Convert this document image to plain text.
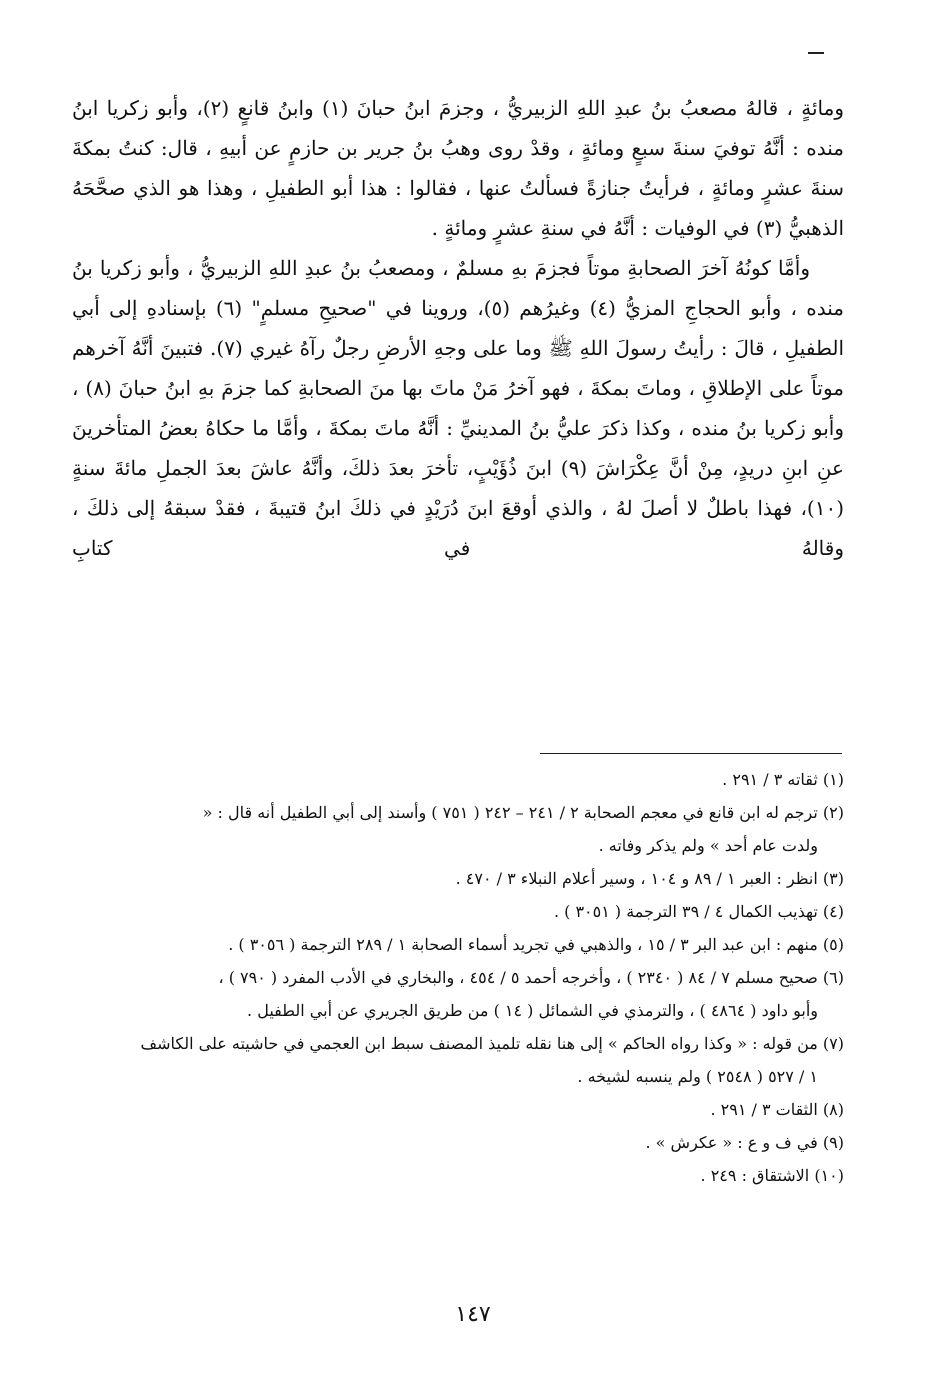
ومائةٍ ، قالهُ مصعبُ بنُ عبدِ اللهِ الزبيريُّ ، وجزمَ ابنُ حبانَ (١) وابنُ قانعٍ (٢)، وأبو زكريا ابنُ منده : أنَّهُ توفيَ سنةَ سبعٍ ومائةٍ ، وقدْ روى وهبُ بنُ جرير بن حازمٍ عن أبيهِ ، قال: كنتُ بمكةَ سنةَ عشرٍ ومائةٍ ، فرأيتُ جنازةً فسألتُ عنها ، فقالوا : هذا أبو الطفيلِ ، وهذا هو الذي صحَّحَهُ الذهبيُّ (٣) في الوفيات : أنَّهُ في سنةِ عشرٍ ومائةٍ .

وأمَّا كونُهُ آخرَ الصحابةِ موتاً فجزمَ بهِ مسلمٌ ، ومصعبُ بنُ عبدِ اللهِ الزبيريُّ ، وأبو زكريا بنُ منده ، وأبو الحجاجِ المزيُّ (٤) وغيرُهم (٥)، وروينا في "صحيحِ مسلمٍ" (٦) بإسنادهِ إلى أبي الطفيلِ ، قالَ : رأيتُ رسولَ اللهِ ﷺ وما على وجهِ الأرضِ رجلٌ رآهُ غيري (٧). فتبينَ أنَّهُ آخرهم موتاً على الإطلاقِ ، وماتَ بمكةَ ، فهو آخرُ مَنْ ماتَ بها منَ الصحابةِ كما جزمَ بهِ ابنُ حبانَ (٨) ، وأبو زكريا بنُ منده ، وكذا ذكرَ عليُّ بنُ المدينيِّ : أنَّهُ ماتَ بمكةَ ، وأمَّا ما حكاهُ بعضُ المتأخرينَ عنِ ابنِ دريدٍ، مِنْ أنَّ عِكْرَاشَ (٩) ابنَ ذُؤَيْبٍ، تأخرَ بعدَ ذلكَ، وأنَّهُ عاشَ بعدَ الجملِ مائةَ سنةٍ (١٠)، فهذا باطلٌ لا أصلَ لهُ ، والذي أوقعَ ابنَ دُرَيْدٍ في ذلكَ ابنُ قتيبةَ ، فقدْ سبقهُ إلى ذلكَ ، وقالهُ في كتابِ

(١) ثقاته ٣ / ٢٩١ .

(٢) ترجم له ابن قانع في معجم الصحابة ٢ / ٢٤١ – ٢٤٢ ( ٧٥١ ) وأسند إلى أبي الطفيل أنه قال : «
ولدت عام أحد » ولم يذكر وفاته .

(٣) انظر : العبر ١ / ٨٩ و ١٠٤ ، وسير أعلام النبلاء ٣ / ٤٧٠ .

(٤) تهذيب الكمال ٤ / ٣٩ الترجمة ( ٣٠٥١ ) .

(٥) منهم : ابن عبد البر ٣ / ١٥ ، والذهبي في تجريد أسماء الصحابة ١ / ٢٨٩ الترجمة ( ٣٠٥٦ ) .

(٦) صحيح مسلم ٧ / ٨٤ ( ٢٣٤٠ ) ، وأخرجه أحمد ٥ / ٤٥٤ ، والبخاري في الأدب المفرد ( ٧٩٠ ) ،
وأبو داود ( ٤٨٦٤ ) ، والترمذي في الشمائل ( ١٤ ) من طريق الجريري عن أبي الطفيل .

(٧) من قوله : « وكذا رواه الحاكم » إلى هنا نقله تلميذ المصنف سبط ابن العجمي في حاشيته على الكاشف
١ / ٥٢٧ ( ٢٥٤٨ ) ولم ينسبه لشيخه .

(٨) الثقات ٣ / ٢٩١ .

(٩) في ف و ع : « عكرش » .

(١٠) الاشتقاق : ٢٤٩ .

١٤٧
